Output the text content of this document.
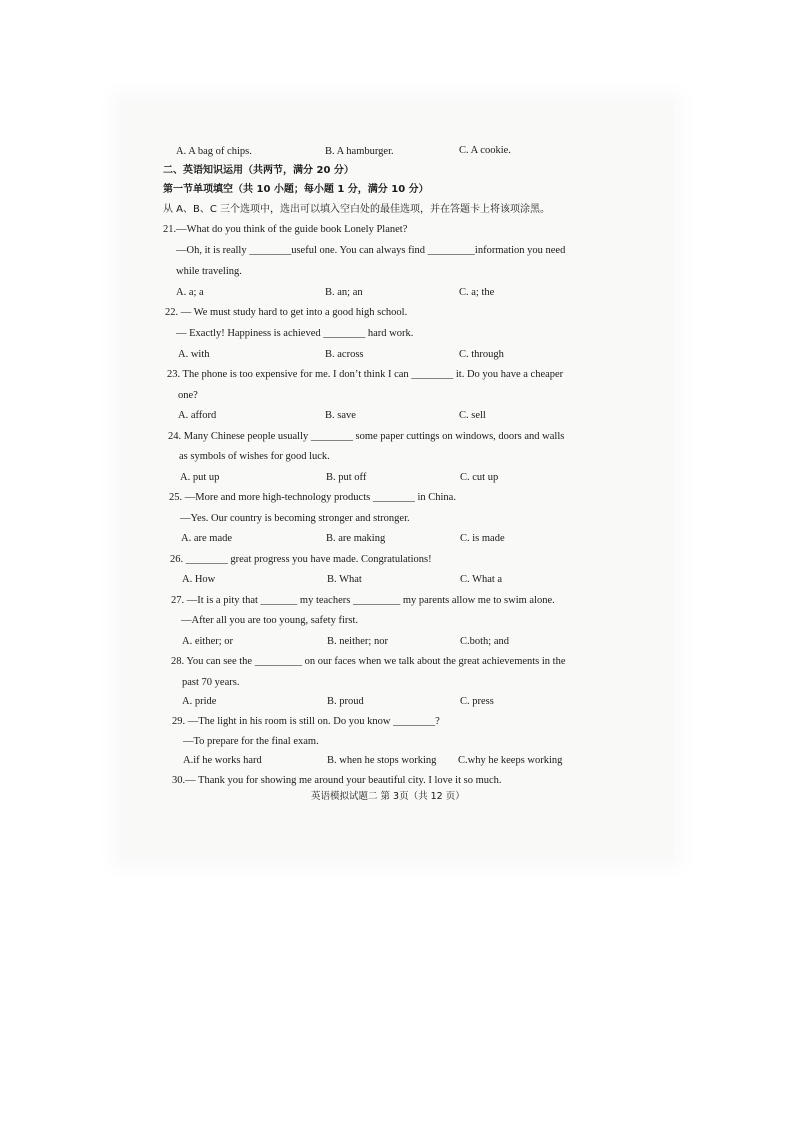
A. A bag of chips.	B. A hamburger.	C. A cookie.
二、英语知识运用（共两节，满分 20 分）
第一节单项填空（共 10 小题；每小题 1 分，满分 10 分）
从 A、B、C 三个选项中，选出可以填入空白处的最佳选项，并在答题卡上将该项涂黑。
21.—What do you think of the guide book Lonely Planet?
—Oh, it is really ________useful one. You can always find _________information you need
while traveling.
A. a; a	B. an; an	C. a; the
22. — We must study hard to get into a good high school.
— Exactly! Happiness is achieved ________ hard work.
A. with	B. across	C. through
23. The phone is too expensive for me. I don’t think I can ________ it. Do you have a cheaper
one?
A. afford	B. save	C. sell
24. Many Chinese people usually ________ some paper cuttings on windows, doors and walls
as symbols of wishes for good luck.
A. put up	B. put off	C. cut up
25. —More and more high-technology products ________ in China.
—Yes. Our country is becoming stronger and stronger.
A. are made	B. are making	C. is made
26. ________ great progress you have made. Congratulations!
A. How	B. What	C. What a
27. —It is a pity that _______ my teachers _________ my parents allow me to swim alone.
—After all you are too young, safety first.
A. either; or	B. neither; nor	C.both; and
28. You can see the _________ on our faces when we talk about the great achievements in the
past 70 years.
A. pride	B. proud	C. press
29. —The light in his room is still on. Do you know ________?
—To prepare for the final exam.
A.if he works hard	B. when he stops working C.why he keeps working
30.— Thank you for showing me around your beautiful city. I love it so much.
英语模拟试题二 第 3页（共 12 页）
